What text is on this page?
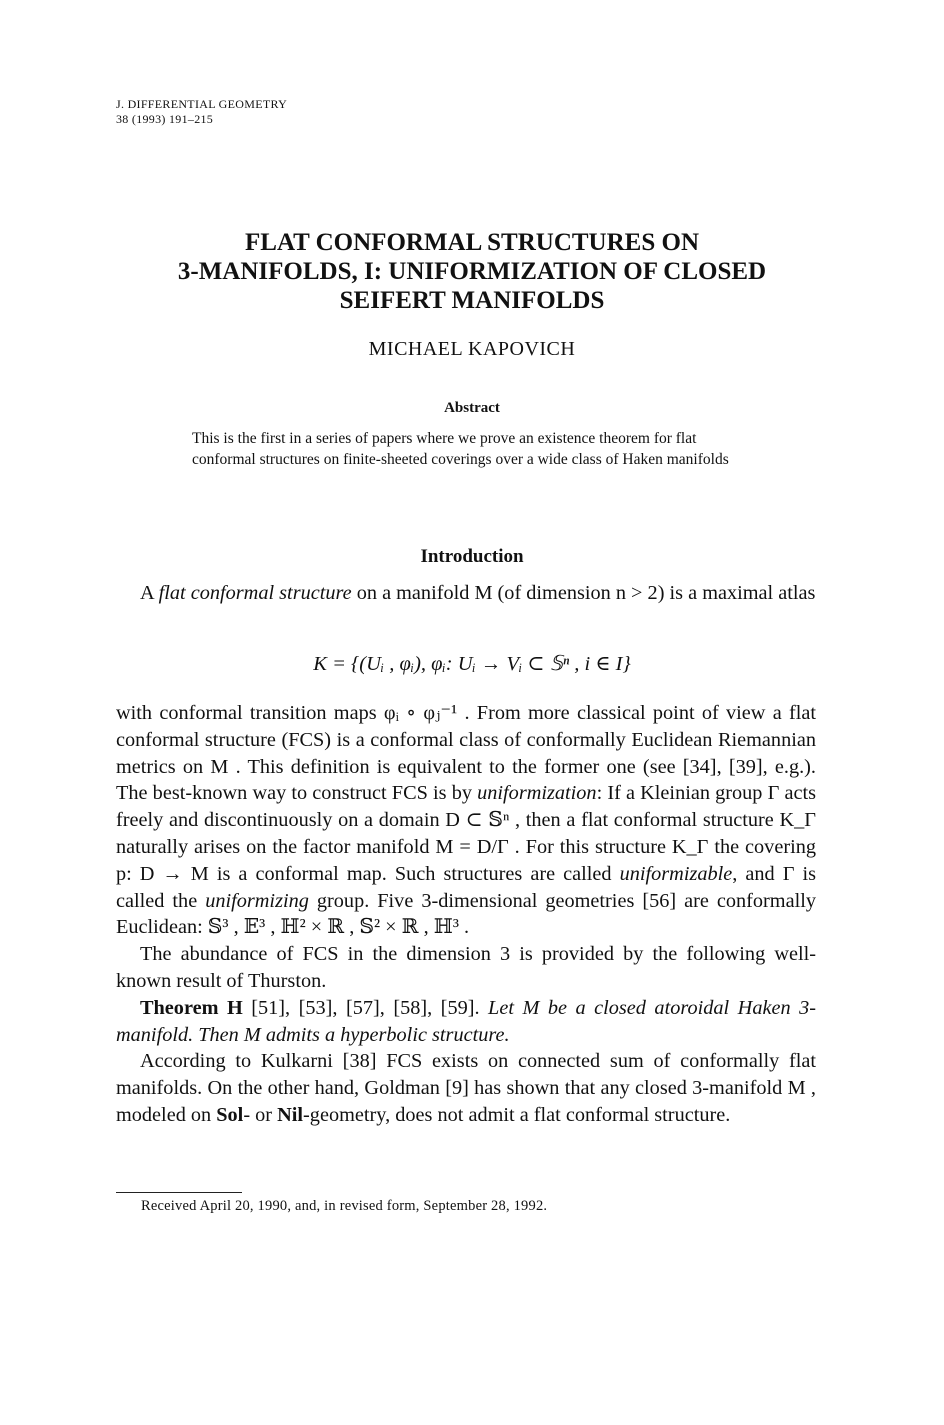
J. DIFFERENTIAL GEOMETRY
38 (1993) 191–215
FLAT CONFORMAL STRUCTURES ON
3-MANIFOLDS, I: UNIFORMIZATION OF CLOSED
SEIFERT MANIFOLDS
MICHAEL KAPOVICH
Abstract
This is the first in a series of papers where we prove an existence theorem for flat conformal structures on finite-sheeted coverings over a wide class of Haken manifolds
Introduction

A flat conformal structure on a manifold M (of dimension n > 2) is a maximal atlas

K = {(Uᵢ , φᵢ), φᵢ: Uᵢ → Vᵢ ⊂ 𝕊ⁿ , i ∈ I}

with conformal transition maps φᵢ ∘ φⱼ⁻¹ . From more classical point of view a flat conformal structure (FCS) is a conformal class of conformally Euclidean Riemannian metrics on M . This definition is equivalent to the former one (see [34], [39], e.g.). The best-known way to construct FCS is by uniformization: If a Kleinian group Γ acts freely and discontinuously on a domain D ⊂ 𝕊ⁿ , then a flat conformal structure K_Γ naturally arises on the factor manifold M = D/Γ . For this structure K_Γ the covering p: D → M is a conformal map. Such structures are called uniformizable, and Γ is called the uniformizing group. Five 3-dimensional geometries [56] are conformally Euclidean: 𝕊³ , 𝔼³ , ℍ² × ℝ , 𝕊² × ℝ , ℍ³ .

The abundance of FCS in the dimension 3 is provided by the following well-known result of Thurston.

Theorem H [51], [53], [57], [58], [59]. Let M be a closed atoroidal Haken 3-manifold. Then M admits a hyperbolic structure.

According to Kulkarni [38] FCS exists on connected sum of conformally flat manifolds. On the other hand, Goldman [9] has shown that any closed 3-manifold M , modeled on Sol- or Nil-geometry, does not admit a flat conformal structure.

Received April 20, 1990, and, in revised form, September 28, 1992.
